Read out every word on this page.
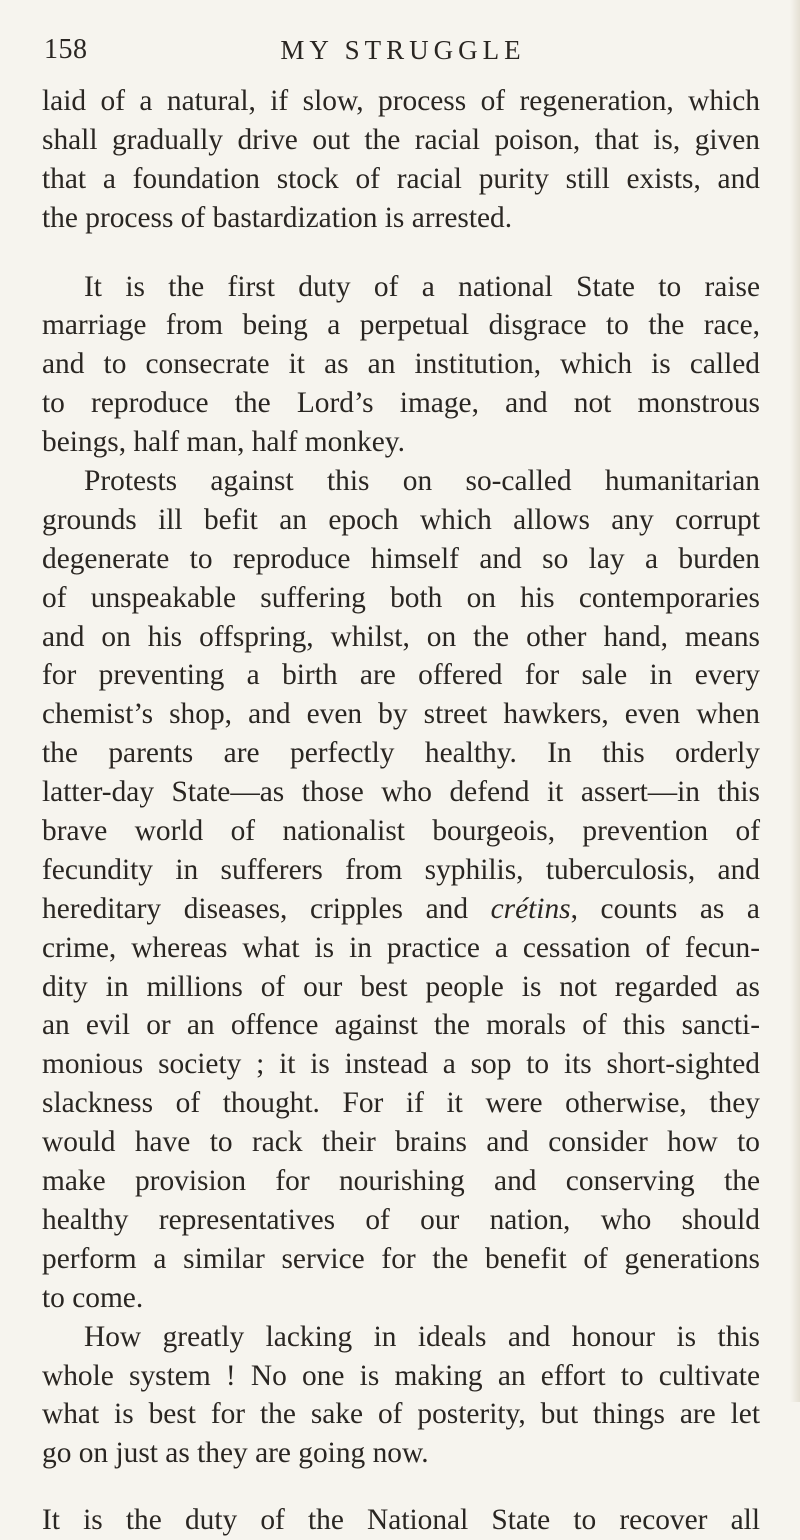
158	MY STRUGGLE
laid of a natural, if slow, process of regeneration, which
shall gradually drive out the racial poison, that is, given
that a foundation stock of racial purity still exists, and
the process of bastardization is arrested.
It is the first duty of a national State to raise
marriage from being a perpetual disgrace to the race,
and to consecrate it as an institution, which is called
to reproduce the Lord’s image, and not monstrous
beings, half man, half monkey.
Protests against this on so-called humanitarian
grounds ill befit an epoch which allows any corrupt
degenerate to reproduce himself and so lay a burden
of unspeakable suffering both on his contemporaries
and on his offspring, whilst, on the other hand, means
for preventing a birth are offered for sale in every
chemist’s shop, and even by street hawkers, even when
the parents are perfectly healthy. In this orderly
latter-day State—as those who defend it assert—in this
brave world of nationalist bourgeois, prevention of
fecundity in sufferers from syphilis, tuberculosis, and
hereditary diseases, cripples and crétins, counts as a
crime, whereas what is in practice a cessation of fecun-
dity in millions of our best people is not regarded as
an evil or an offence against the morals of this sancti-
monious society ; it is instead a sop to its short-sighted
slackness of thought. For if it were otherwise, they
would have to rack their brains and consider how to
make provision for nourishing and conserving the
healthy representatives of our nation, who should
perform a similar service for the benefit of generations
to come.
How greatly lacking in ideals and honour is this
whole system ! No one is making an effort to cultivate
what is best for the sake of posterity, but things are let
go on just as they are going now.
It is the duty of the National State to recover all
